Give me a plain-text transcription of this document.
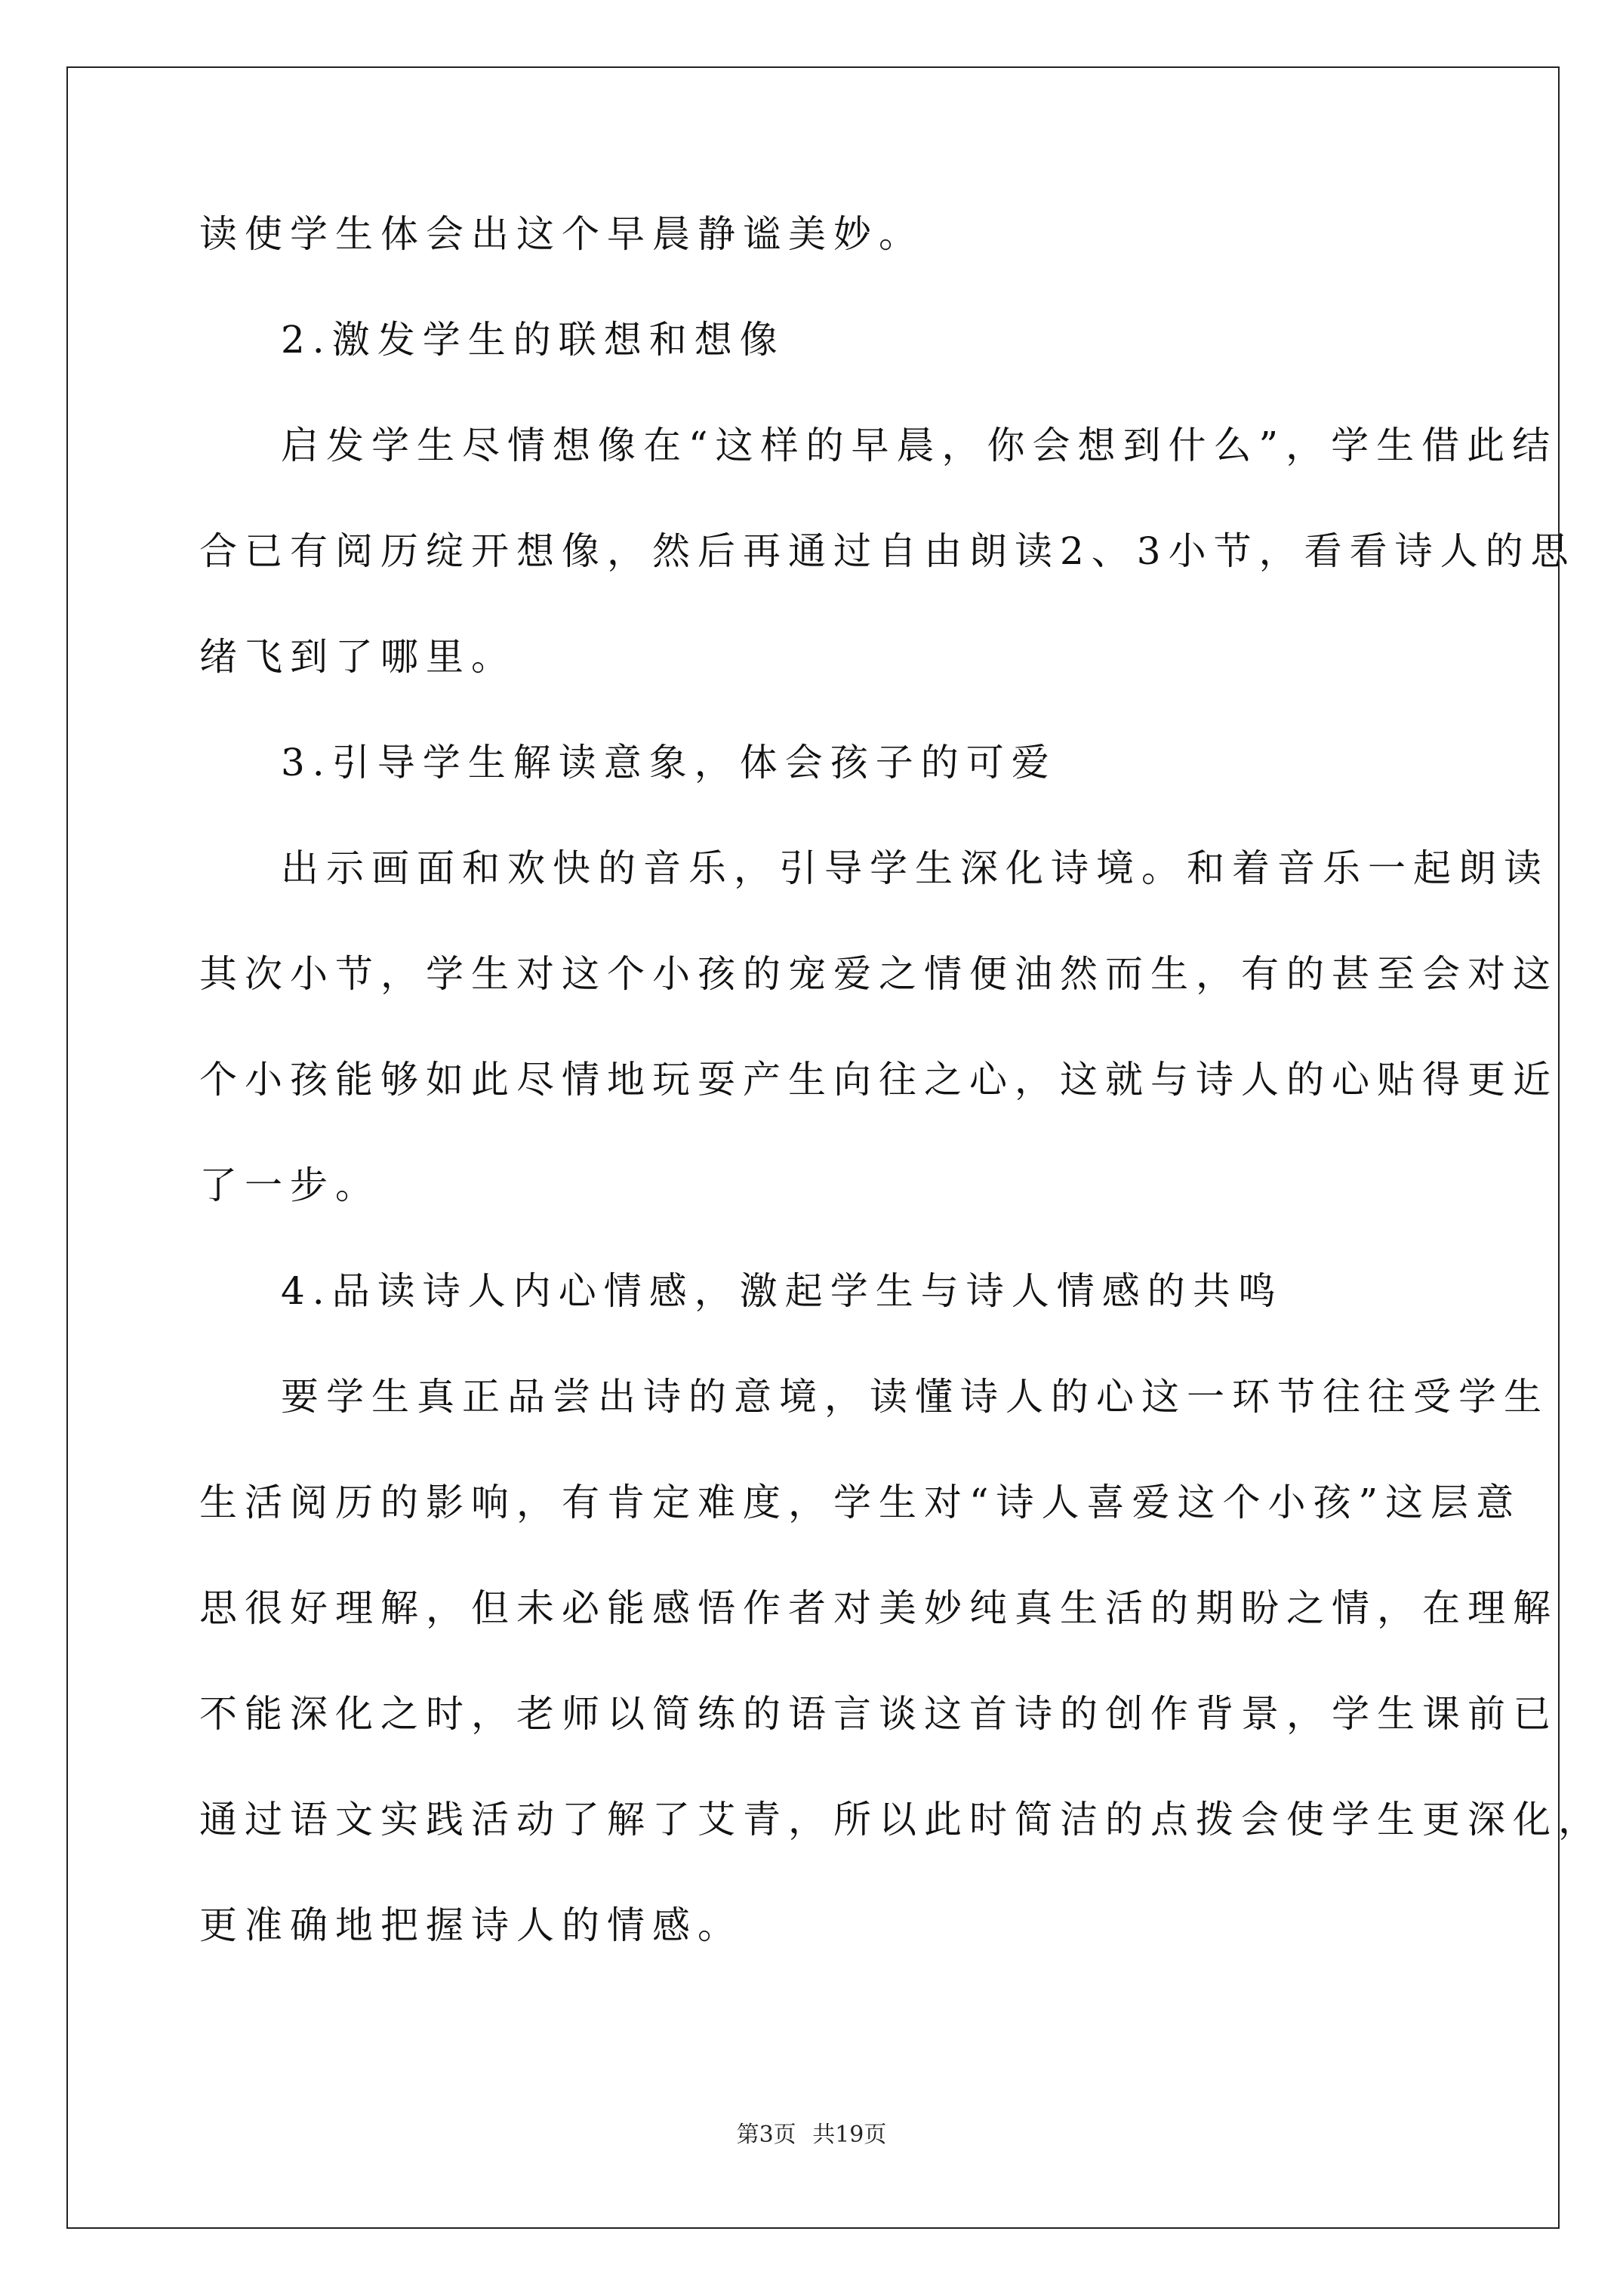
读使学生体会出这个早晨静谧美妙。
2.激发学生的联想和想像
启发学生尽情想像在“这样的早晨，你会想到什么”，学生借此结
合已有阅历绽开想像，然后再通过自由朗读2、3小节，看看诗人的思
绪飞到了哪里。
3.引导学生解读意象，体会孩子的可爱
出示画面和欢快的音乐，引导学生深化诗境。和着音乐一起朗读
其次小节，学生对这个小孩的宠爱之情便油然而生，有的甚至会对这
个小孩能够如此尽情地玩耍产生向往之心，这就与诗人的心贴得更近
了一步。
4.品读诗人内心情感，激起学生与诗人情感的共鸣
要学生真正品尝出诗的意境，读懂诗人的心这一环节往往受学生
生活阅历的影响，有肯定难度，学生对“诗人喜爱这个小孩”这层意
思很好理解，但未必能感悟作者对美妙纯真生活的期盼之情，在理解
不能深化之时，老师以简练的语言谈这首诗的创作背景，学生课前已
通过语文实践活动了解了艾青，所以此时简洁的点拨会使学生更深化，
更准确地把握诗人的情感。
第3页 共19页
